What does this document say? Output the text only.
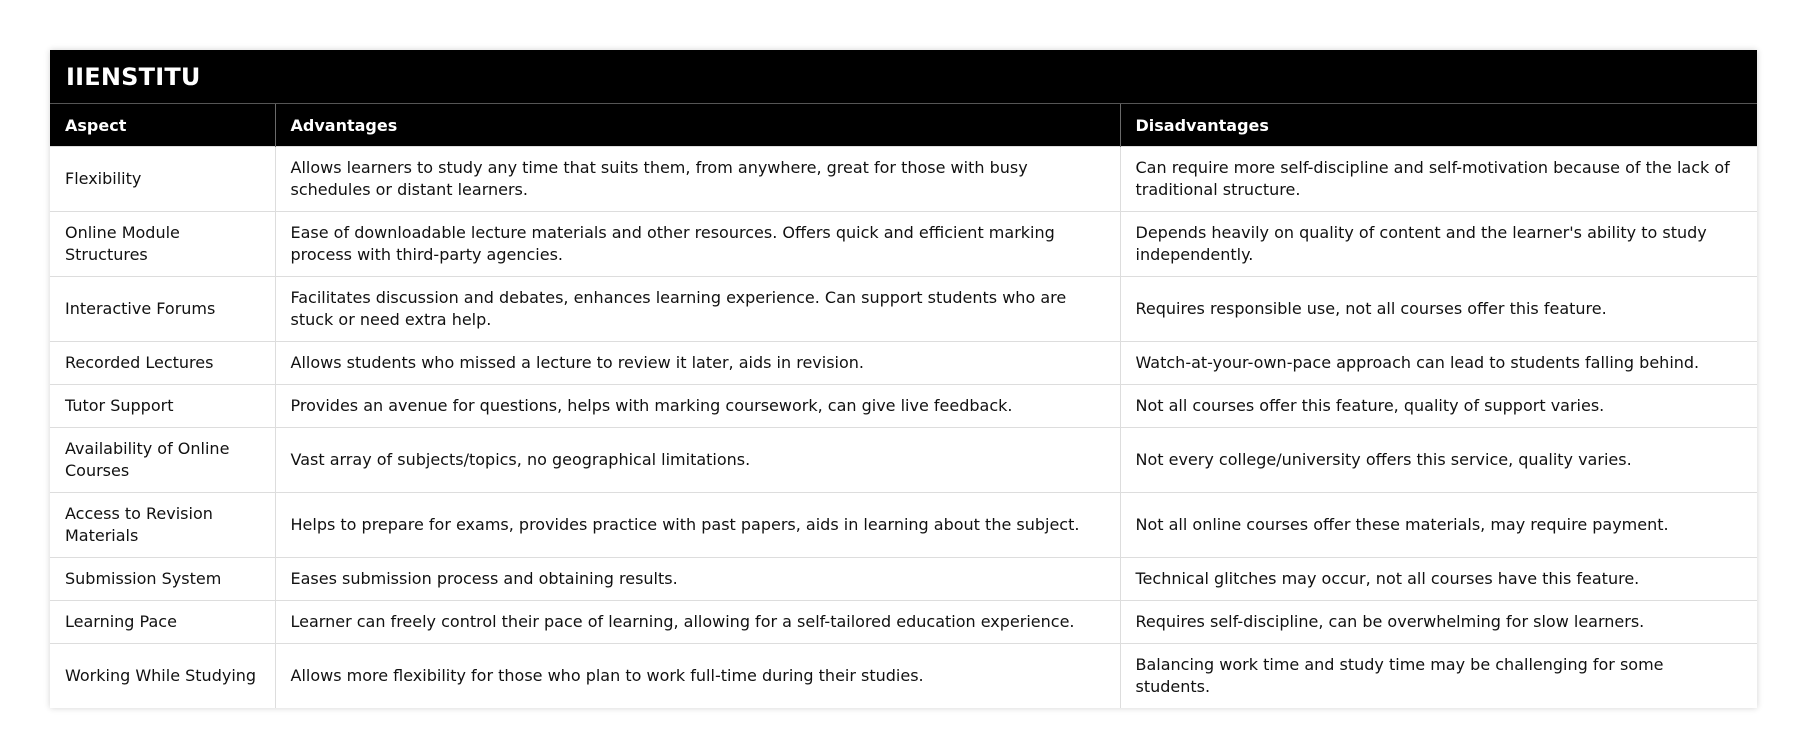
IIENSTITU
Aspect	Advantages	Disadvantages
Flexibility	Allows learners to study any time that suits them, from anywhere, great for those with busy schedules or distant learners.	Can require more self-discipline and self-motivation because of the lack of traditional structure.
Online Module Structures	Ease of downloadable lecture materials and other resources. Offers quick and efficient marking process with third-party agencies.	Depends heavily on quality of content and the learner's ability to study independently.
Interactive Forums	Facilitates discussion and debates, enhances learning experience. Can support students who are stuck or need extra help.	Requires responsible use, not all courses offer this feature.
Recorded Lectures	Allows students who missed a lecture to review it later, aids in revision.	Watch-at-your-own-pace approach can lead to students falling behind.
Tutor Support	Provides an avenue for questions, helps with marking coursework, can give live feedback.	Not all courses offer this feature, quality of support varies.
Availability of Online Courses	Vast array of subjects/topics, no geographical limitations.	Not every college/university offers this service, quality varies.
Access to Revision Materials	Helps to prepare for exams, provides practice with past papers, aids in learning about the subject.	Not all online courses offer these materials, may require payment.
Submission System	Eases submission process and obtaining results.	Technical glitches may occur, not all courses have this feature.
Learning Pace	Learner can freely control their pace of learning, allowing for a self-tailored education experience.	Requires self-discipline, can be overwhelming for slow learners.
Working While Studying	Allows more flexibility for those who plan to work full-time during their studies.	Balancing work time and study time may be challenging for some students.
